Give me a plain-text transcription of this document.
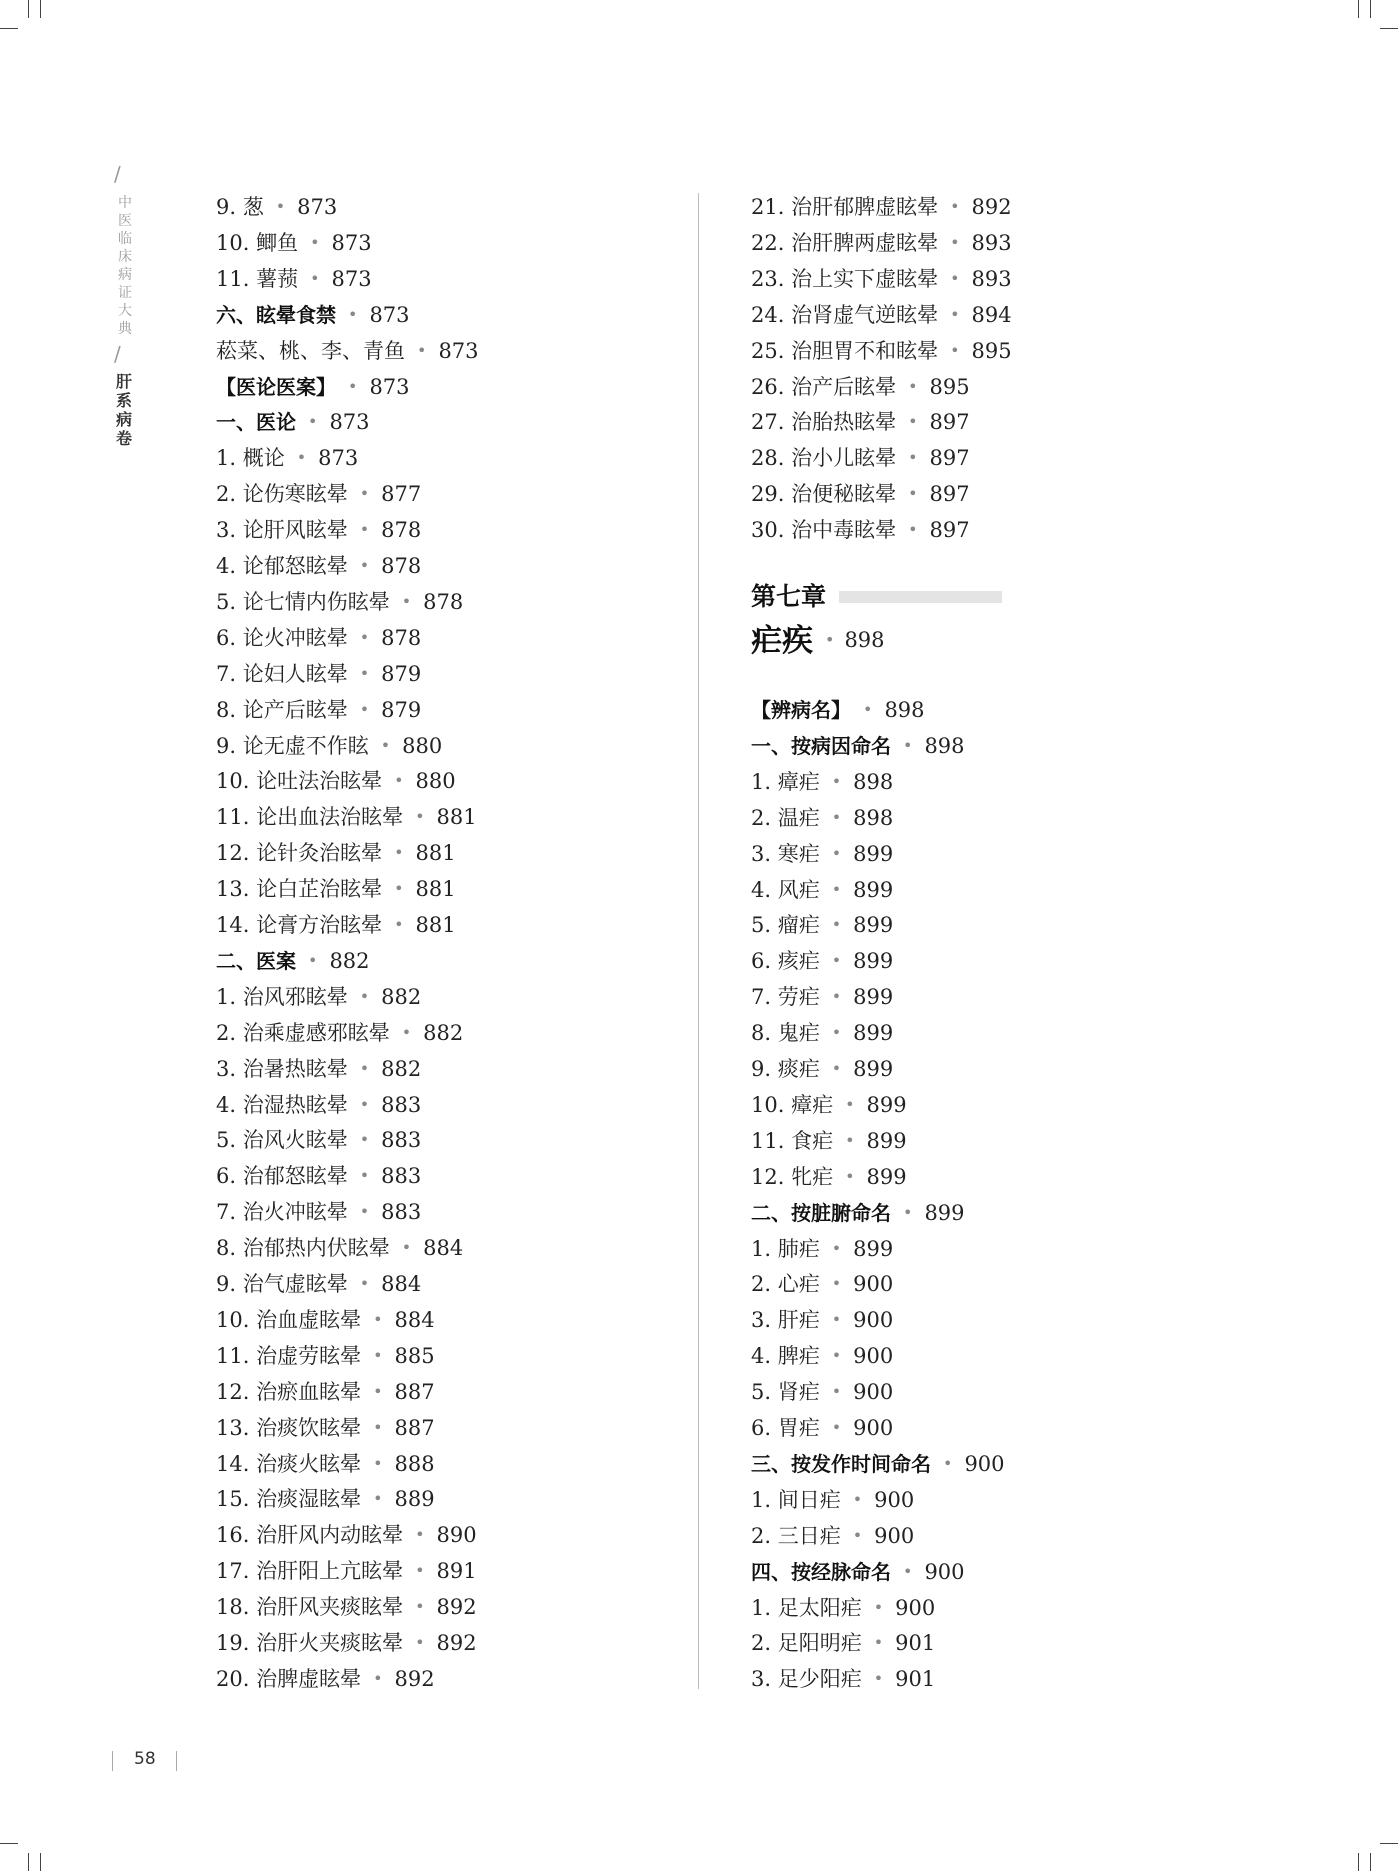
/
中医临床病证大典
/
肝系病卷
9. 葱 • 873
10. 鲫鱼 • 873
11. 薯蓣 • 873
六、眩晕食禁 • 873
菘菜、桃、李、青鱼 • 873
【医论医案】 • 873
一、医论 • 873
1. 概论 • 873
2. 论伤寒眩晕 • 877
3. 论肝风眩晕 • 878
4. 论郁怒眩晕 • 878
5. 论七情内伤眩晕 • 878
6. 论火冲眩晕 • 878
7. 论妇人眩晕 • 879
8. 论产后眩晕 • 879
9. 论无虚不作眩 • 880
10. 论吐法治眩晕 • 880
11. 论出血法治眩晕 • 881
12. 论针灸治眩晕 • 881
13. 论白芷治眩晕 • 881
14. 论膏方治眩晕 • 881
二、医案 • 882
1. 治风邪眩晕 • 882
2. 治乘虚感邪眩晕 • 882
3. 治暑热眩晕 • 882
4. 治湿热眩晕 • 883
5. 治风火眩晕 • 883
6. 治郁怒眩晕 • 883
7. 治火冲眩晕 • 883
8. 治郁热内伏眩晕 • 884
9. 治气虚眩晕 • 884
10. 治血虚眩晕 • 884
11. 治虚劳眩晕 • 885
12. 治瘀血眩晕 • 887
13. 治痰饮眩晕 • 887
14. 治痰火眩晕 • 888
15. 治痰湿眩晕 • 889
16. 治肝风内动眩晕 • 890
17. 治肝阳上亢眩晕 • 891
18. 治肝风夹痰眩晕 • 892
19. 治肝火夹痰眩晕 • 892
20. 治脾虚眩晕 • 892
21. 治肝郁脾虚眩晕 • 892
22. 治肝脾两虚眩晕 • 893
23. 治上实下虚眩晕 • 893
24. 治肾虚气逆眩晕 • 894
25. 治胆胃不和眩晕 • 895
26. 治产后眩晕 • 895
27. 治胎热眩晕 • 897
28. 治小儿眩晕 • 897
29. 治便秘眩晕 • 897
30. 治中毒眩晕 • 897
第七章
疟疾 • 898
【辨病名】 • 898
一、按病因命名 • 898
1. 瘴疟 • 898
2. 温疟 • 898
3. 寒疟 • 899
4. 风疟 • 899
5. 瘤疟 • 899
6. 痎疟 • 899
7. 劳疟 • 899
8. 鬼疟 • 899
9. 痰疟 • 899
10. 瘴疟 • 899
11. 食疟 • 899
12. 牝疟 • 899
二、按脏腑命名 • 899
1. 肺疟 • 899
2. 心疟 • 900
3. 肝疟 • 900
4. 脾疟 • 900
5. 肾疟 • 900
6. 胃疟 • 900
三、按发作时间命名 • 900
1. 间日疟 • 900
2. 三日疟 • 900
四、按经脉命名 • 900
1. 足太阳疟 • 900
2. 足阳明疟 • 901
3. 足少阳疟 • 901
58
